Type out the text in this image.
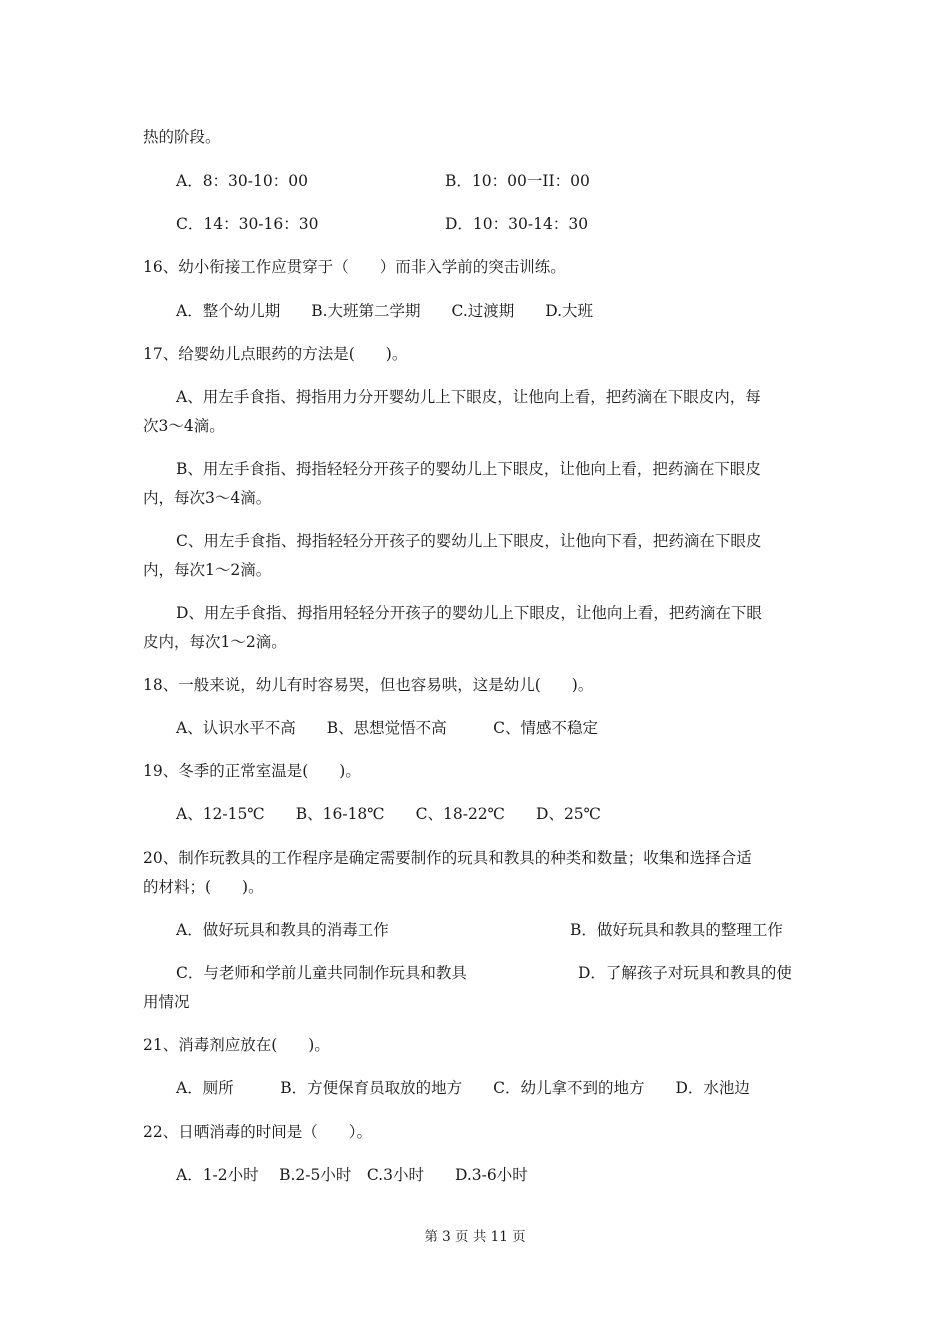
热的阶段。
A．8：30-10：00	B．10：00一II：00
C．14：30-16：30	D．10：30-14：30
16、幼小衔接工作应贯穿于（　　）而非入学前的突击训练。
A．整个幼儿期　　B.大班第二学期　　C.过渡期　　D.大班
17、给婴幼儿点眼药的方法是(　　)。
A、用左手食指、拇指用力分开婴幼儿上下眼皮，让他向上看，把药滴在下眼皮内，每
次3～4滴。
B、用左手食指、拇指轻轻分开孩子的婴幼儿上下眼皮，让他向上看，把药滴在下眼皮
内，每次3～4滴。
C、用左手食指、拇指轻轻分开孩子的婴幼儿上下眼皮，让他向下看，把药滴在下眼皮
内，每次1～2滴。
D、用左手食指、拇指用轻轻分开孩子的婴幼儿上下眼皮，让他向上看，把药滴在下眼
皮内，每次1～2滴。
18、一般来说，幼儿有时容易哭，但也容易哄，这是幼儿(　　)。
A、认识水平不高　　B、思想觉悟不高　　　C、情感不稳定
19、冬季的正常室温是(　　)。
A、12-15℃　　B、16-18℃　　C、18-22℃　　D、25℃
20、制作玩教具的工作程序是确定需要制作的玩具和教具的种类和数量；收集和选择合适
的材料；(　　)。
A．做好玩具和教具的消毒工作	B．做好玩具和教具的整理工作
C．与老师和学前儿童共同制作玩具和教具	D．了解孩子对玩具和教具的使
用情况
21、消毒剂应放在(　　)。
A．厕所　　　B．方便保育员取放的地方　　C．幼儿拿不到的地方　　D．水池边
22、日晒消毒的时间是（　　）。
A．1-2小时　 B.2-5小时　C.3小时　　D.3-6小时
第 3 页 共 11 页
